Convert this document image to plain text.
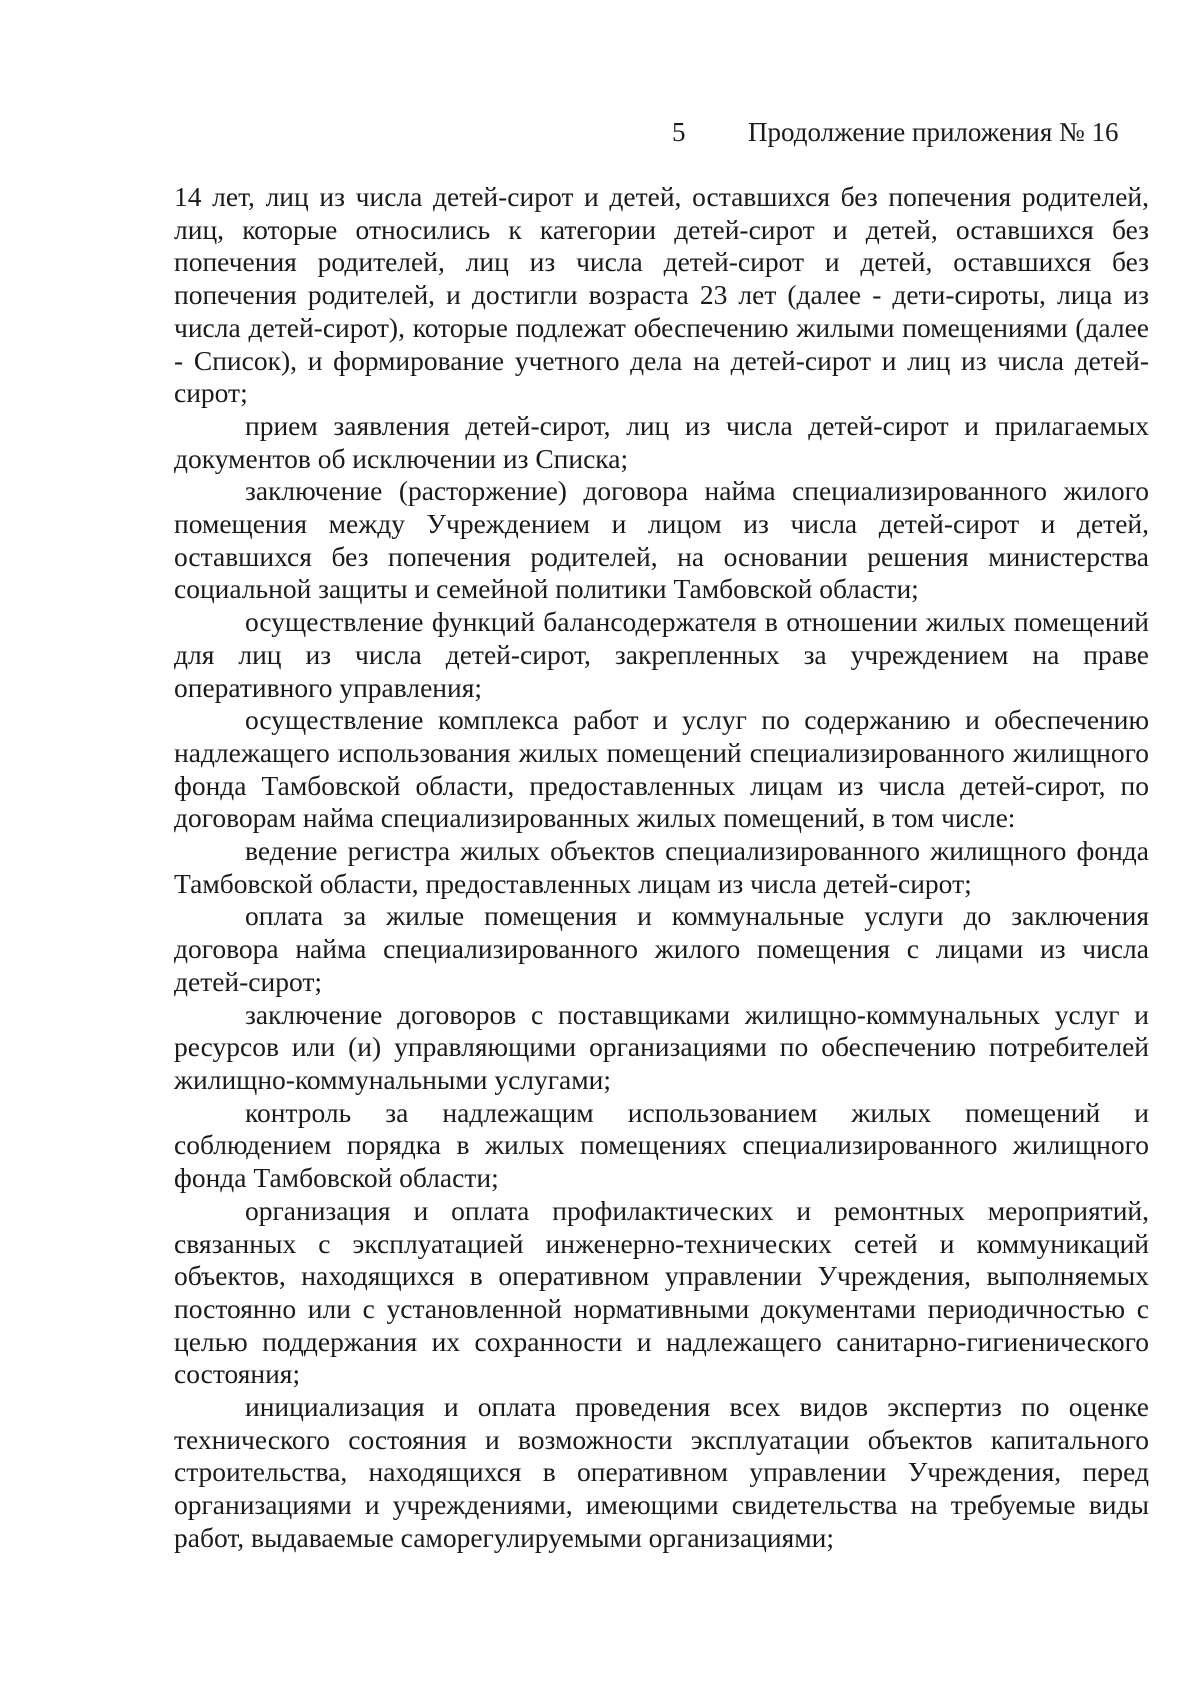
5 Продолжение приложения № 16

14 лет, лиц из числа детей-сирот и детей, оставшихся без попечения родителей, лиц, которые относились к категории детей-сирот и детей, оставшихся без попечения родителей, лиц из числа детей-сирот и детей, оставшихся без попечения родителей, и достигли возраста 23 лет (далее - дети-сироты, лица из числа детей-сирот), которые подлежат обеспечению жилыми помещениями (далее - Список), и формирование учетного дела на детей-сирот и лиц из числа детей-сирот;

прием заявления детей-сирот, лиц из числа детей-сирот и прилагаемых документов об исключении из Списка;

заключение (расторжение) договора найма специализированного жилого помещения между Учреждением и лицом из числа детей-сирот и детей, оставшихся без попечения родителей, на основании решения министерства социальной защиты и семейной политики Тамбовской области;

осуществление функций балансодержателя в отношении жилых помещений для лиц из числа детей-сирот, закрепленных за учреждением на праве оперативного управления;

осуществление комплекса работ и услуг по содержанию и обеспечению надлежащего использования жилых помещений специализированного жилищного фонда Тамбовской области, предоставленных лицам из числа детей-сирот, по договорам найма специализированных жилых помещений, в том числе:

ведение регистра жилых объектов специализированного жилищного фонда Тамбовской области, предоставленных лицам из числа детей-сирот;

оплата за жилые помещения и коммунальные услуги до заключения договора найма специализированного жилого помещения с лицами из числа детей-сирот;

заключение договоров с поставщиками жилищно-коммунальных услуг и ресурсов или (и) управляющими организациями по обеспечению потребителей жилищно-коммунальными услугами;

контроль за надлежащим использованием жилых помещений и соблюдением порядка в жилых помещениях специализированного жилищного фонда Тамбовской области;

организация и оплата профилактических и ремонтных мероприятий, связанных с эксплуатацией инженерно-технических сетей и коммуникаций объектов, находящихся в оперативном управлении Учреждения, выполняемых постоянно или с установленной нормативными документами периодичностью с целью поддержания их сохранности и надлежащего санитарно-гигиенического состояния;

инициализация и оплата проведения всех видов экспертиз по оценке технического состояния и возможности эксплуатации объектов капитального строительства, находящихся в оперативном управлении Учреждения, перед организациями и учреждениями, имеющими свидетельства на требуемые виды работ, выдаваемые саморегулируемыми организациями;
